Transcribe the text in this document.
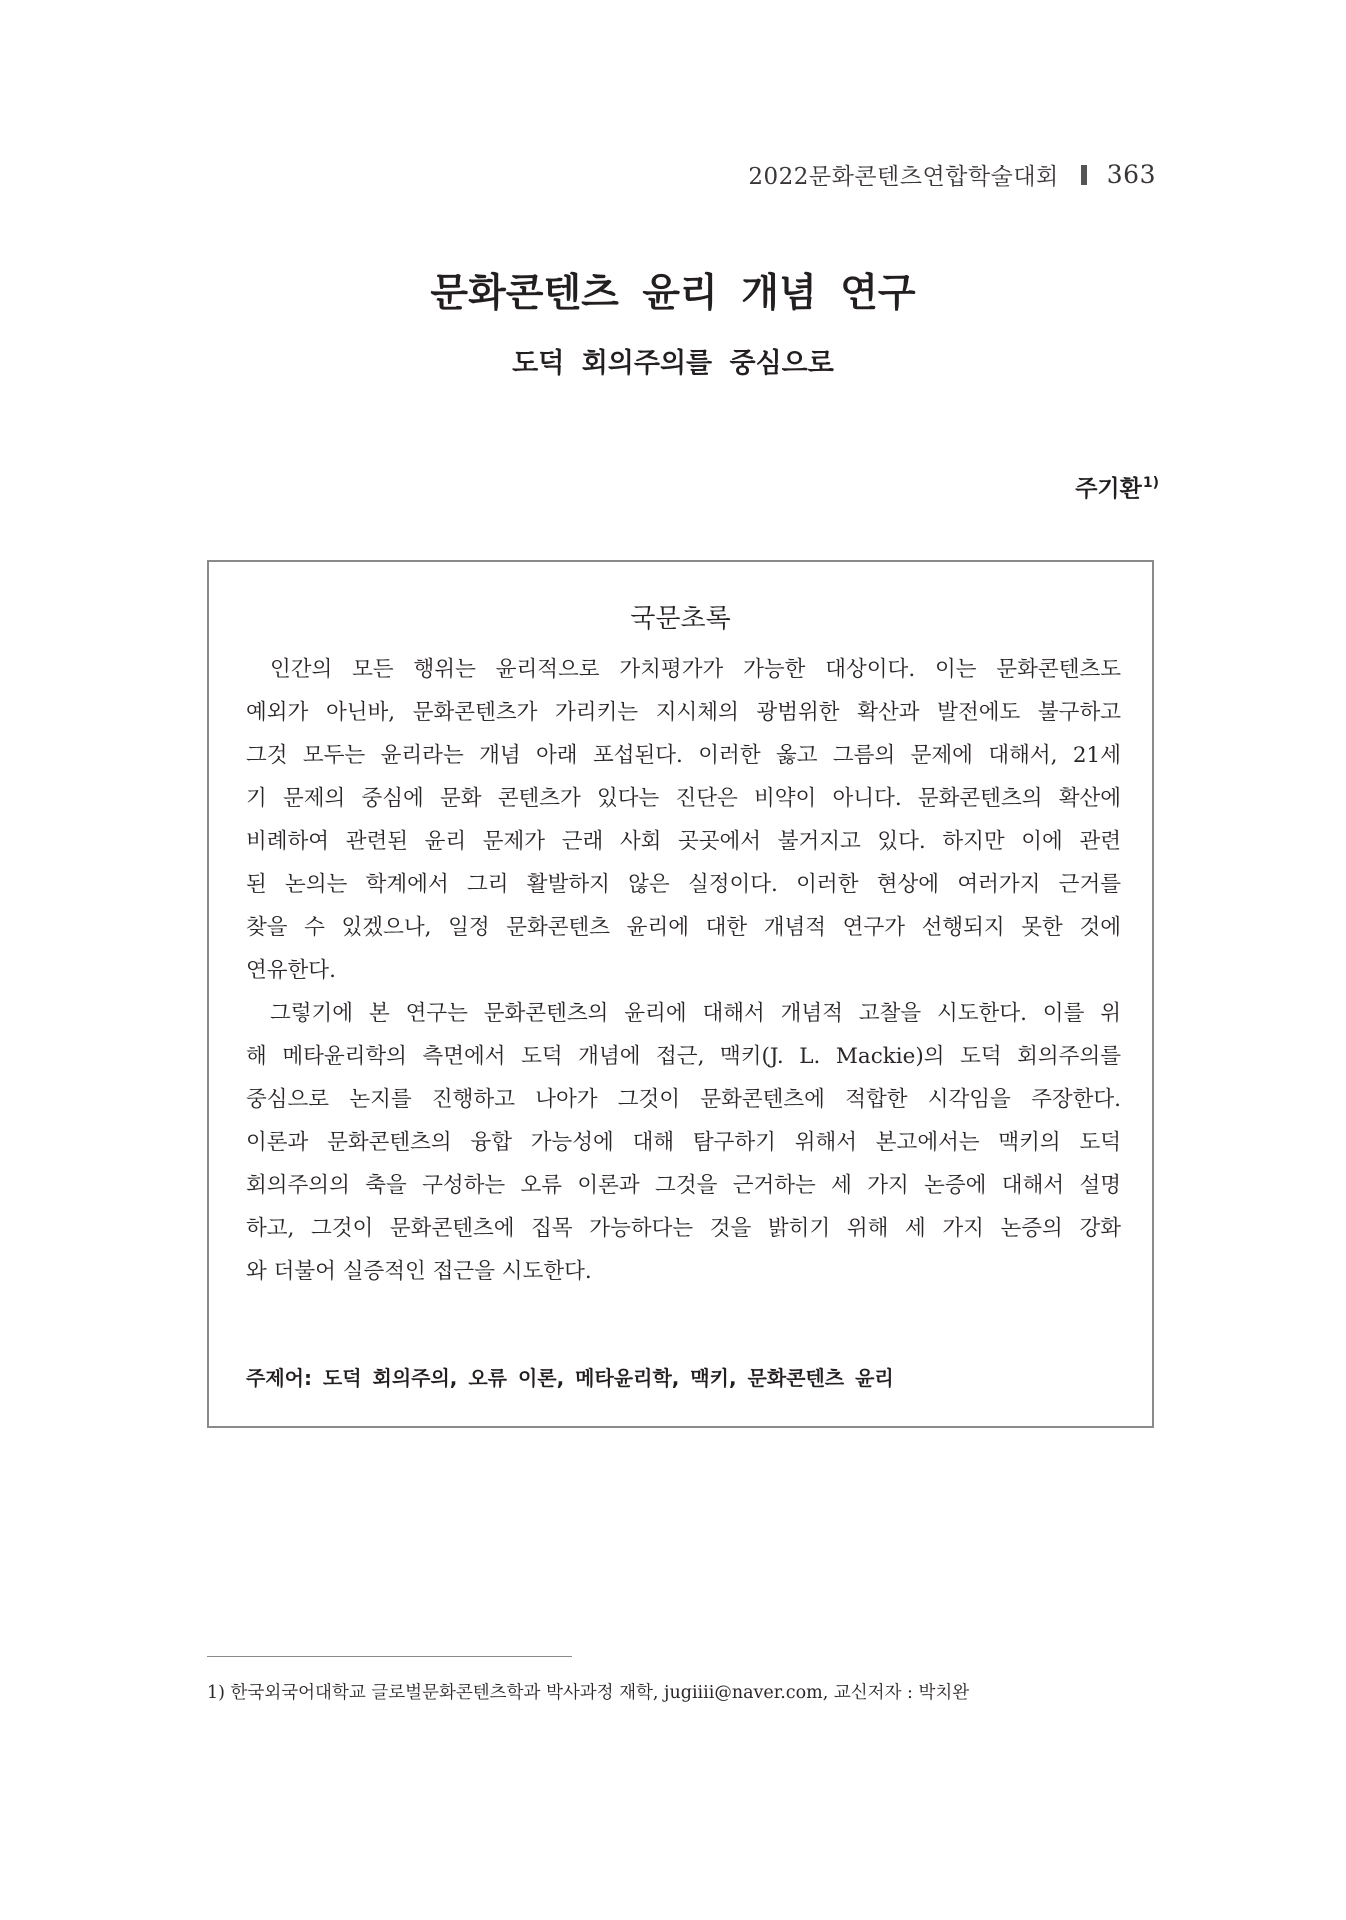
2022문화콘텐츠연합학술대회 363
문화콘텐츠 윤리 개념 연구
도덕 회의주의를 중심으로
주기환$^{1)}$
국문초록
인간의 모든 행위는 윤리적으로 가치평가가 가능한 대상이다. 이는 문화콘텐츠도
예외가 아닌바, 문화콘텐츠가 가리키는 지시체의 광범위한 확산과 발전에도 불구하고
그것 모두는 윤리라는 개념 아래 포섭된다. 이러한 옳고 그름의 문제에 대해서, 21세
기 문제의 중심에 문화 콘텐츠가 있다는 진단은 비약이 아니다. 문화콘텐츠의 확산에
비례하여 관련된 윤리 문제가 근래 사회 곳곳에서 불거지고 있다. 하지만 이에 관련
된 논의는 학계에서 그리 활발하지 않은 실정이다. 이러한 현상에 여러가지 근거를
찾을 수 있겠으나, 일정 문화콘텐츠 윤리에 대한 개념적 연구가 선행되지 못한 것에
연유한다.
그렇기에 본 연구는 문화콘텐츠의 윤리에 대해서 개념적 고찰을 시도한다. 이를 위
해 메타윤리학의 측면에서 도덕 개념에 접근, 맥키(J. L. Mackie)의 도덕 회의주의를
중심으로 논지를 진행하고 나아가 그것이 문화콘텐츠에 적합한 시각임을 주장한다.
이론과 문화콘텐츠의 융합 가능성에 대해 탐구하기 위해서 본고에서는 맥키의 도덕
회의주의의 축을 구성하는 오류 이론과 그것을 근거하는 세 가지 논증에 대해서 설명
하고, 그것이 문화콘텐츠에 집목 가능하다는 것을 밝히기 위해 세 가지 논증의 강화
와 더불어 실증적인 접근을 시도한다.
주제어: 도덕 회의주의, 오류 이론, 메타윤리학, 맥키, 문화콘텐츠 윤리
1) 한국외국어대학교 글로벌문화콘텐츠학과 박사과정 재학, jugiiii@naver.com, 교신저자 : 박치완
